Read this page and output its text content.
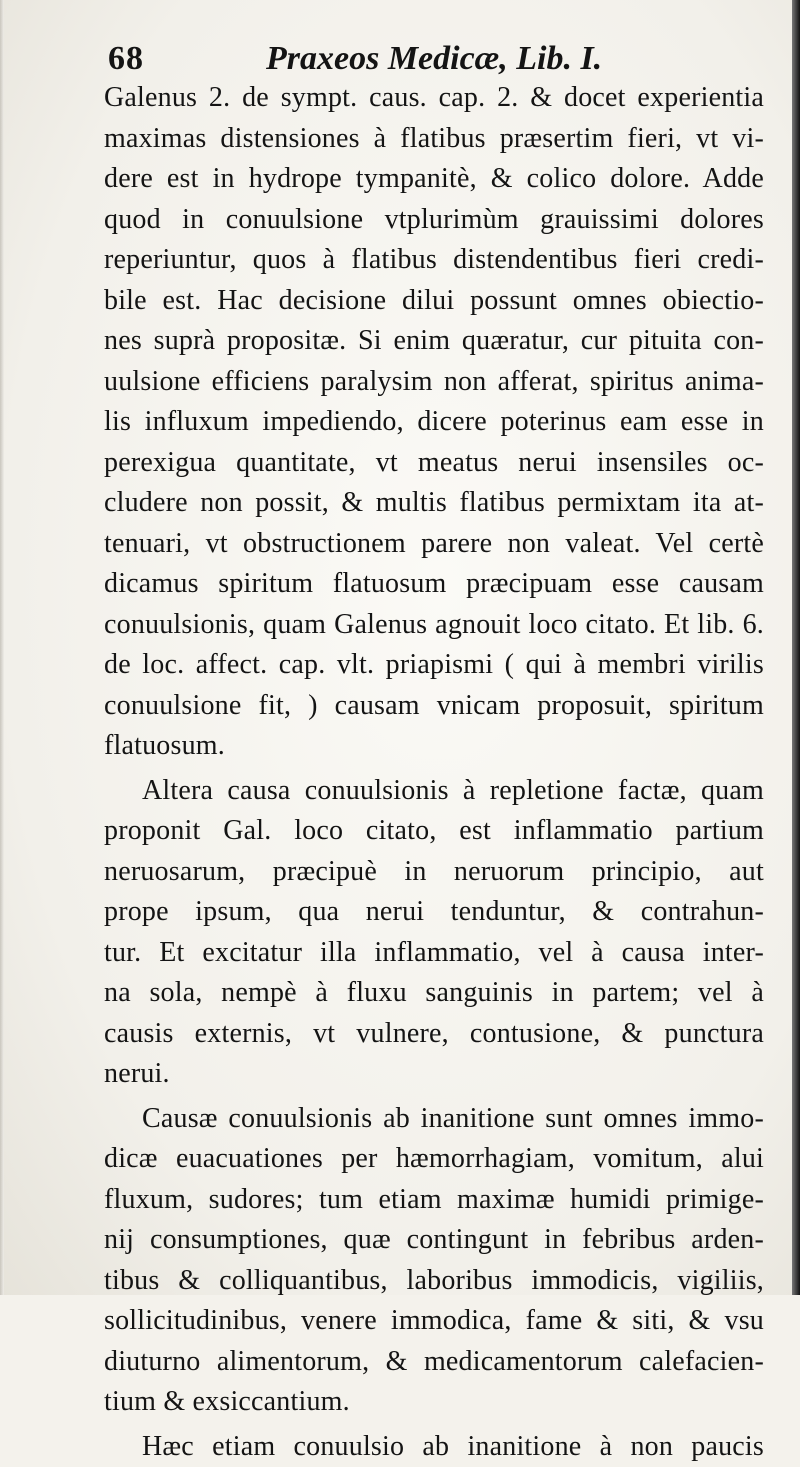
68	Praxeos Medicæ, Lib. I.
Galenus 2. de sympt. caus. cap. 2. & docet experientia
maximas distensiones à flatibus præsertim fieri, vt vi-
dere est in hydrope tympanitè, & colico dolore. Adde
quod in conuulsione vtplurimùm grauissimi dolores
reperiuntur, quos à flatibus distendentibus fieri credi-
bile est. Hac decisione dilui possunt omnes obiectio-
nes suprà propositæ. Si enim quæratur, cur pituita con-
uulsione efficiens paralysim non afferat, spiritus anima-
lis influxum impediendo, dicere poterinus eam esse in
perexigua quantitate, vt meatus nerui insensiles oc-
cludere non possit, & multis flatibus permixtam ita at-
tenuari, vt obstructionem parere non valeat. Vel certè
dicamus spiritum flatuosum præcipuam esse causam
conuulsionis, quam Galenus agnouit loco citato. Et lib. 6.
de loc. affect. cap. vlt. priapismi ( qui à membri virilis
conuulsione fit, ) causam vnicam proposuit, spiritum
flatuosum.
Altera causa conuulsionis à repletione factæ, quam
proponit Gal. loco citato, est inflammatio partium
neruosarum, præcipuè in neruorum principio, aut
prope ipsum, qua nerui tenduntur, & contrahun-
tur. Et excitatur illa inflammatio, vel à causa inter-
na sola, nempè à fluxu sanguinis in partem; vel à
causis externis, vt vulnere, contusione, & punctura
nerui.
Causæ conuulsionis ab inanitione sunt omnes immo-
dicæ euacuationes per hæmorrhagiam, vomitum, alui
fluxum, sudores; tum etiam maximæ humidi primige-
nij consumptiones, quæ contingunt in febribus arden-
tibus & colliquantibus, laboribus immodicis, vigiliis,
sollicitudinibus, venere immodica, fame & siti, & vsu
diuturno alimentorum, & medicamentorum calefacien-
tium & exsiccantium.
Hæc etiam conuulsio ab inanitione à non paucis
